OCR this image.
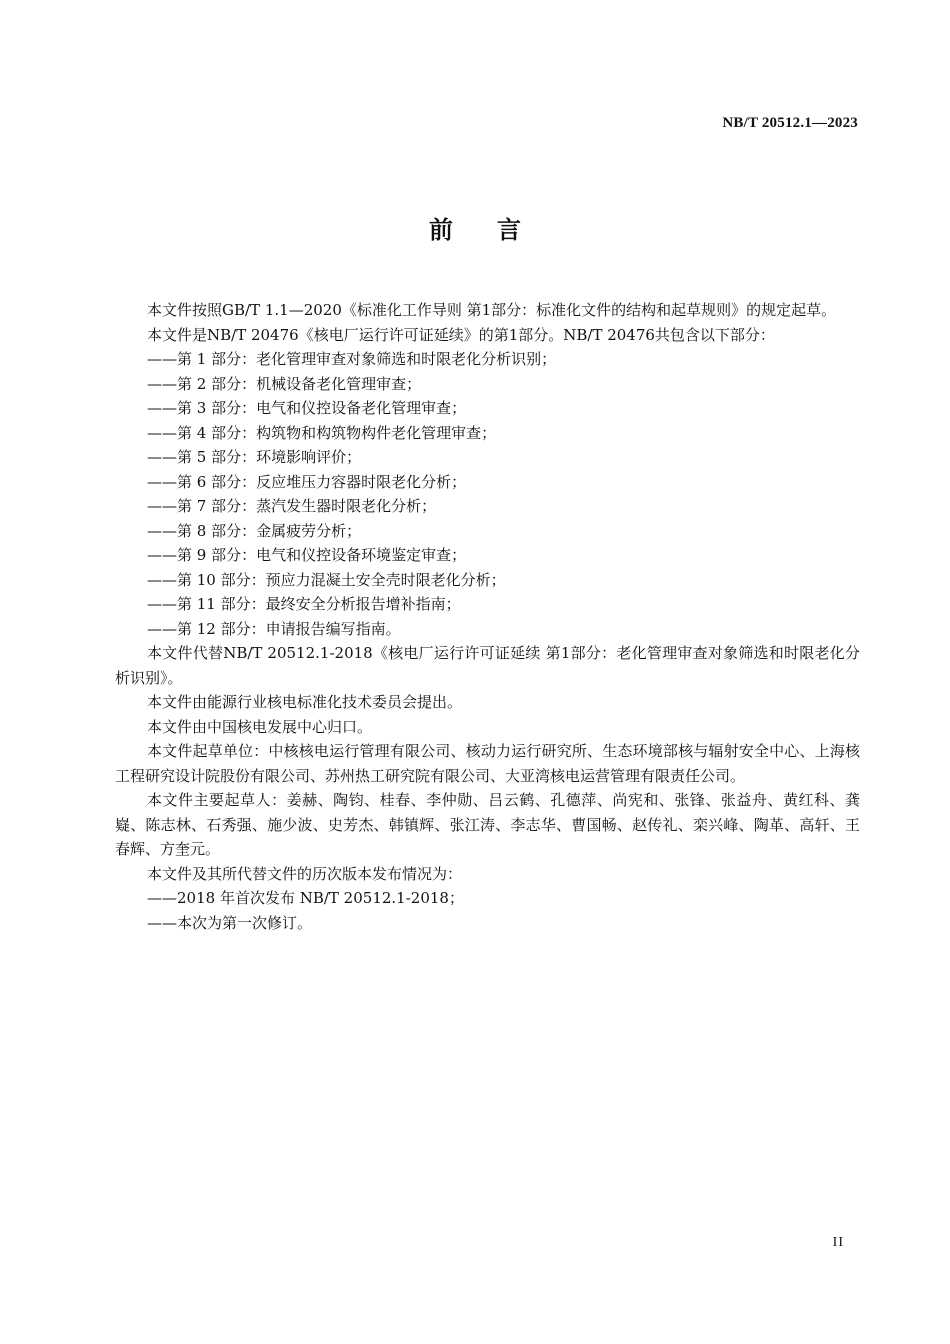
NB/T 20512.1—2023
前言

本文件按照GB/T 1.1—2020《标准化工作导则 第1部分：标准化文件的结构和起草规则》的规定起草。

本文件是NB/T 20476《核电厂运行许可证延续》的第1部分。NB/T 20476共包含以下部分：

——第 1 部分：老化管理审查对象筛选和时限老化分析识别；

——第 2 部分：机械设备老化管理审查；

——第 3 部分：电气和仪控设备老化管理审查；

——第 4 部分：构筑物和构筑物构件老化管理审查；

——第 5 部分：环境影响评价；

——第 6 部分：反应堆压力容器时限老化分析；

——第 7 部分：蒸汽发生器时限老化分析；

——第 8 部分：金属疲劳分析；

——第 9 部分：电气和仪控设备环境鉴定审查；

——第 10 部分：预应力混凝土安全壳时限老化分析；

——第 11 部分：最终安全分析报告增补指南；

——第 12 部分：申请报告编写指南。

本文件代替NB/T 20512.1-2018《核电厂运行许可证延续 第1部分：老化管理审查对象筛选和时限老化分析识别》。

本文件由能源行业核电标准化技术委员会提出。

本文件由中国核电发展中心归口。

本文件起草单位：中核核电运行管理有限公司、核动力运行研究所、生态环境部核与辐射安全中心、上海核工程研究设计院股份有限公司、苏州热工研究院有限公司、大亚湾核电运营管理有限责任公司。

本文件主要起草人：姜赫、陶钧、桂春、李仲勋、吕云鹤、孔德萍、尚宪和、张锋、张益舟、黄红科、龚嶷、陈志林、石秀强、施少波、史芳杰、韩镇辉、张江涛、李志华、曹国畅、赵传礼、栾兴峰、陶革、高轩、王春辉、方奎元。

本文件及其所代替文件的历次版本发布情况为：

——2018 年首次发布 NB/T 20512.1-2018；

——本次为第一次修订。

II
